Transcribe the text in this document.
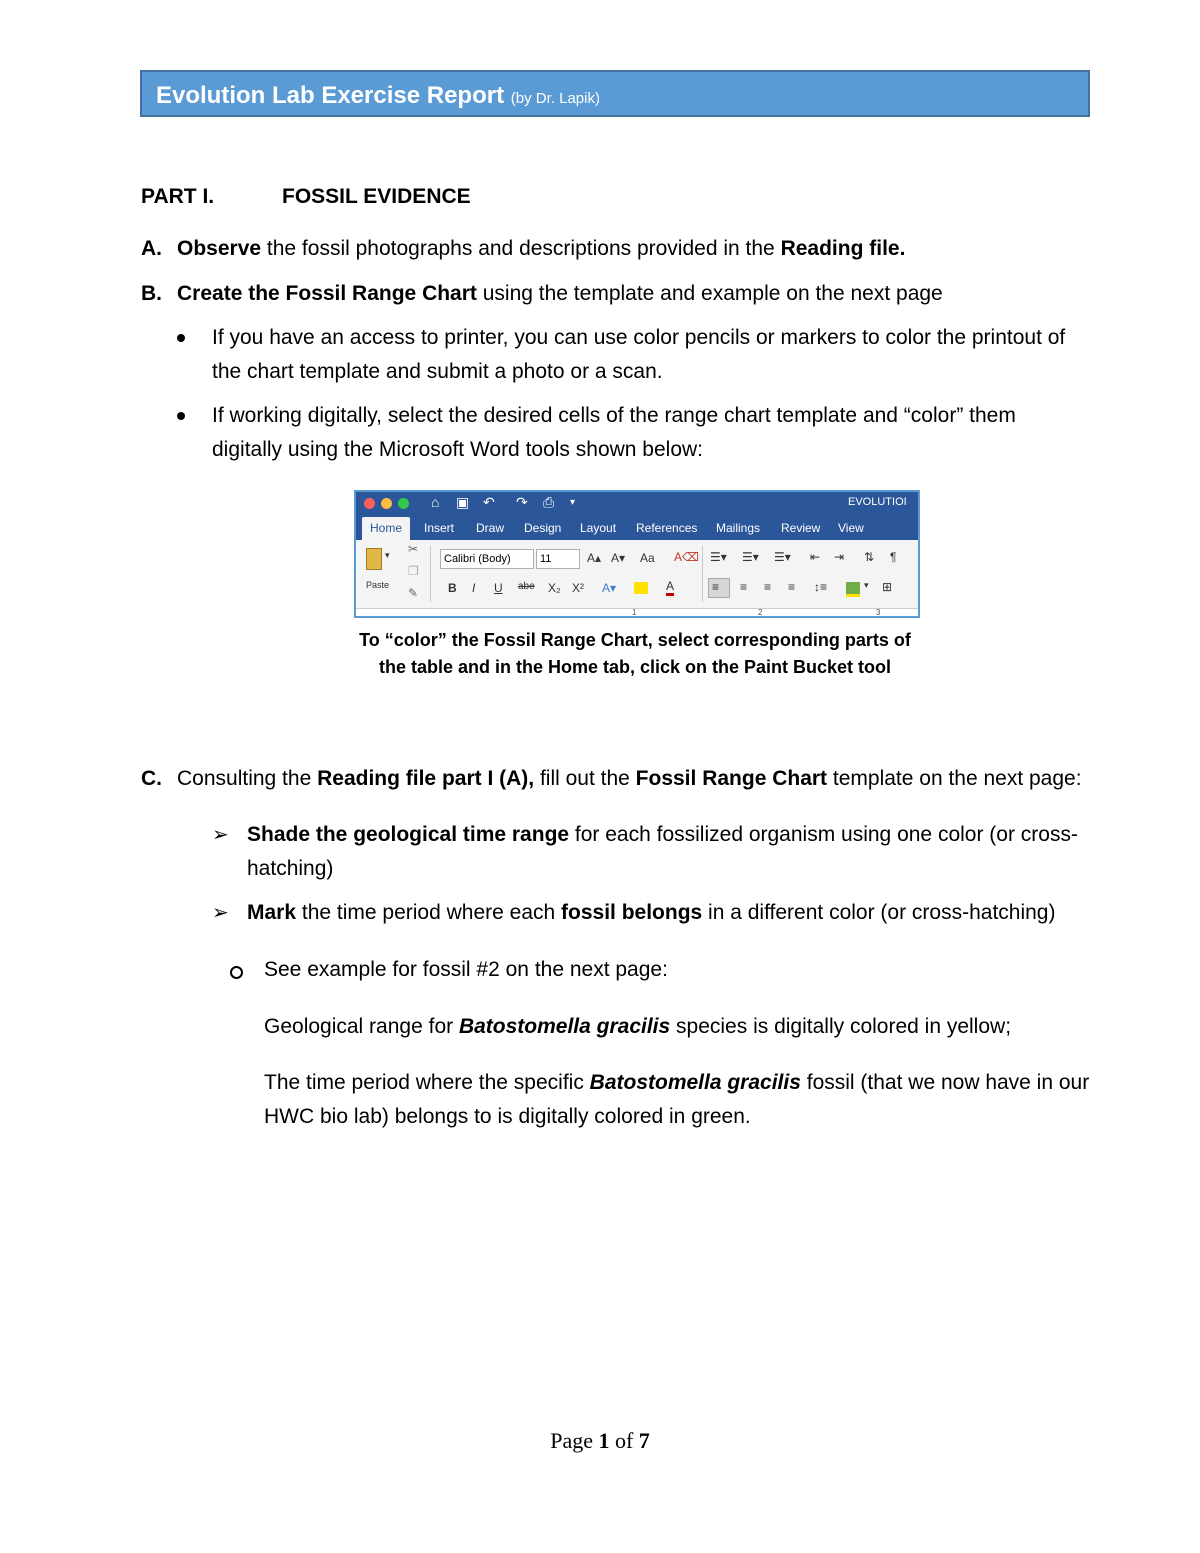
Evolution Lab Exercise Report (by Dr. Lapik)
PART I.	FOSSIL EVIDENCE
A. Observe the fossil photographs and descriptions provided in the Reading file.
B. Create the Fossil Range Chart using the template and example on the next page
If you have an access to printer, you can use color pencils or markers to color the printout of
the chart template and submit a photo or a scan.
If working digitally, select the desired cells of the range chart template and “color” them
digitally using the Microsoft Word tools shown below:
⌂ ▣ ↶ ↷ ⎙ ▾	EVOLUTIOI
Home	Insert Draw Design Layout References Mailings Review View
▾
Paste
✂
❐
✎
Calibri (Body)	11	A▴ A▾ Aa A⌫
B I U abe X₂ X² A▾	A
☰▾ ☰▾ ☰▾ ⇤ ⇥ ⇅ ¶
≡ ≡ ≡ ≡ ↕≡	▾ ⊞
1	2	3
To “color” the Fossil Range Chart, select corresponding parts of
the table and in the Home tab, click on the Paint Bucket tool
C. Consulting the Reading file part I (A), fill out the Fossil Range Chart template on the next page:
➢ Shade the geological time range for each fossilized organism using one color (or cross-
hatching)
➢ Mark the time period where each fossil belongs in a different color (or cross-hatching)
See example for fossil #2 on the next page:
Geological range for Batostomella gracilis species is digitally colored in yellow;
The time period where the specific Batostomella gracilis fossil (that we now have in our
HWC bio lab) belongs to is digitally colored in green.
Page 1 of 7
